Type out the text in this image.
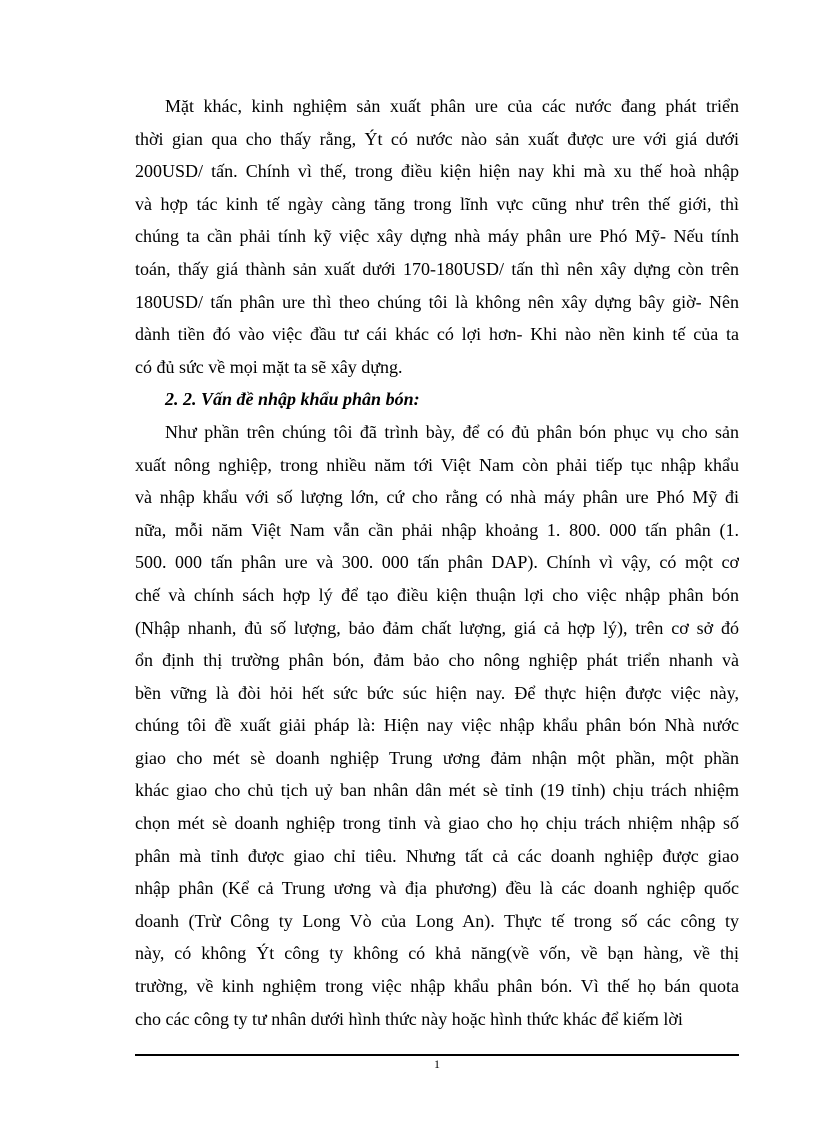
Mặt khác, kinh nghiệm sản xuất phân ure của các nước đang phát triển
thời gian qua cho thấy rằng, Ýt có nước nào sản xuất được ure với giá dưới
200USD/ tấn. Chính vì thế, trong điều kiện hiện nay khi mà xu thế hoà nhập
và hợp tác kinh tế ngày càng tăng trong lĩnh vực cũng như trên thế giới, thì
chúng ta cần phải tính kỹ việc xây dựng nhà máy phân ure Phó Mỹ- Nếu tính
toán, thấy giá thành sản xuất dưới 170-180USD/ tấn thì nên xây dựng còn trên
180USD/ tấn phân ure thì theo chúng tôi là không nên xây dựng bây giờ- Nên
dành tiền đó vào việc đầu tư cái khác có lợi hơn- Khi nào nền kinh tế của ta
có đủ sức về mọi mặt ta sẽ xây dựng.
2. 2. Vấn đề nhập khẩu phân bón:
Như phần trên chúng tôi đã trình bày, để có đủ phân bón phục vụ cho sản
xuất nông nghiệp, trong nhiều năm tới Việt Nam còn phải tiếp tục nhập khẩu
và nhập khẩu với số lượng lớn, cứ cho rằng có nhà máy phân ure Phó Mỹ đi
nữa, mỗi năm Việt Nam vẫn cần phải nhập khoảng 1. 800. 000 tấn phân (1.
500. 000 tấn phân ure và 300. 000 tấn phân DAP). Chính vì vậy, có một cơ
chế và chính sách hợp lý để tạo điều kiện thuận lợi cho việc nhập phân bón
(Nhập nhanh, đủ số lượng, bảo đảm chất lượng, giá cả hợp lý), trên cơ sở đó
ổn định thị trường phân bón, đảm bảo cho nông nghiệp phát triển nhanh và
bền vững là đòi hỏi hết sức bức súc hiện nay. Để thực hiện được việc này,
chúng tôi đề xuất giải pháp là: Hiện nay việc nhập khẩu phân bón Nhà nước
giao cho mét sè doanh nghiệp Trung ương đảm nhận một phần, một phần
khác giao cho chủ tịch uỷ ban nhân dân mét sè tỉnh (19 tỉnh) chịu trách nhiệm
chọn mét sè doanh nghiệp trong tỉnh và giao cho họ chịu trách nhiệm nhập số
phân mà tỉnh được giao chỉ tiêu. Nhưng tất cả các doanh nghiệp được giao
nhập phân (Kể cả Trung ương và địa phương) đều là các doanh nghiệp quốc
doanh (Trừ Công ty Long Vò của Long An). Thực tế trong số các công ty
này, có không Ýt công ty không có khả năng(về vốn, về bạn hàng, về thị
trường, về kinh nghiệm trong việc nhập khẩu phân bón. Vì thế họ bán quota
cho các công ty tư nhân dưới hình thức này hoặc hình thức khác để kiếm lời
1
